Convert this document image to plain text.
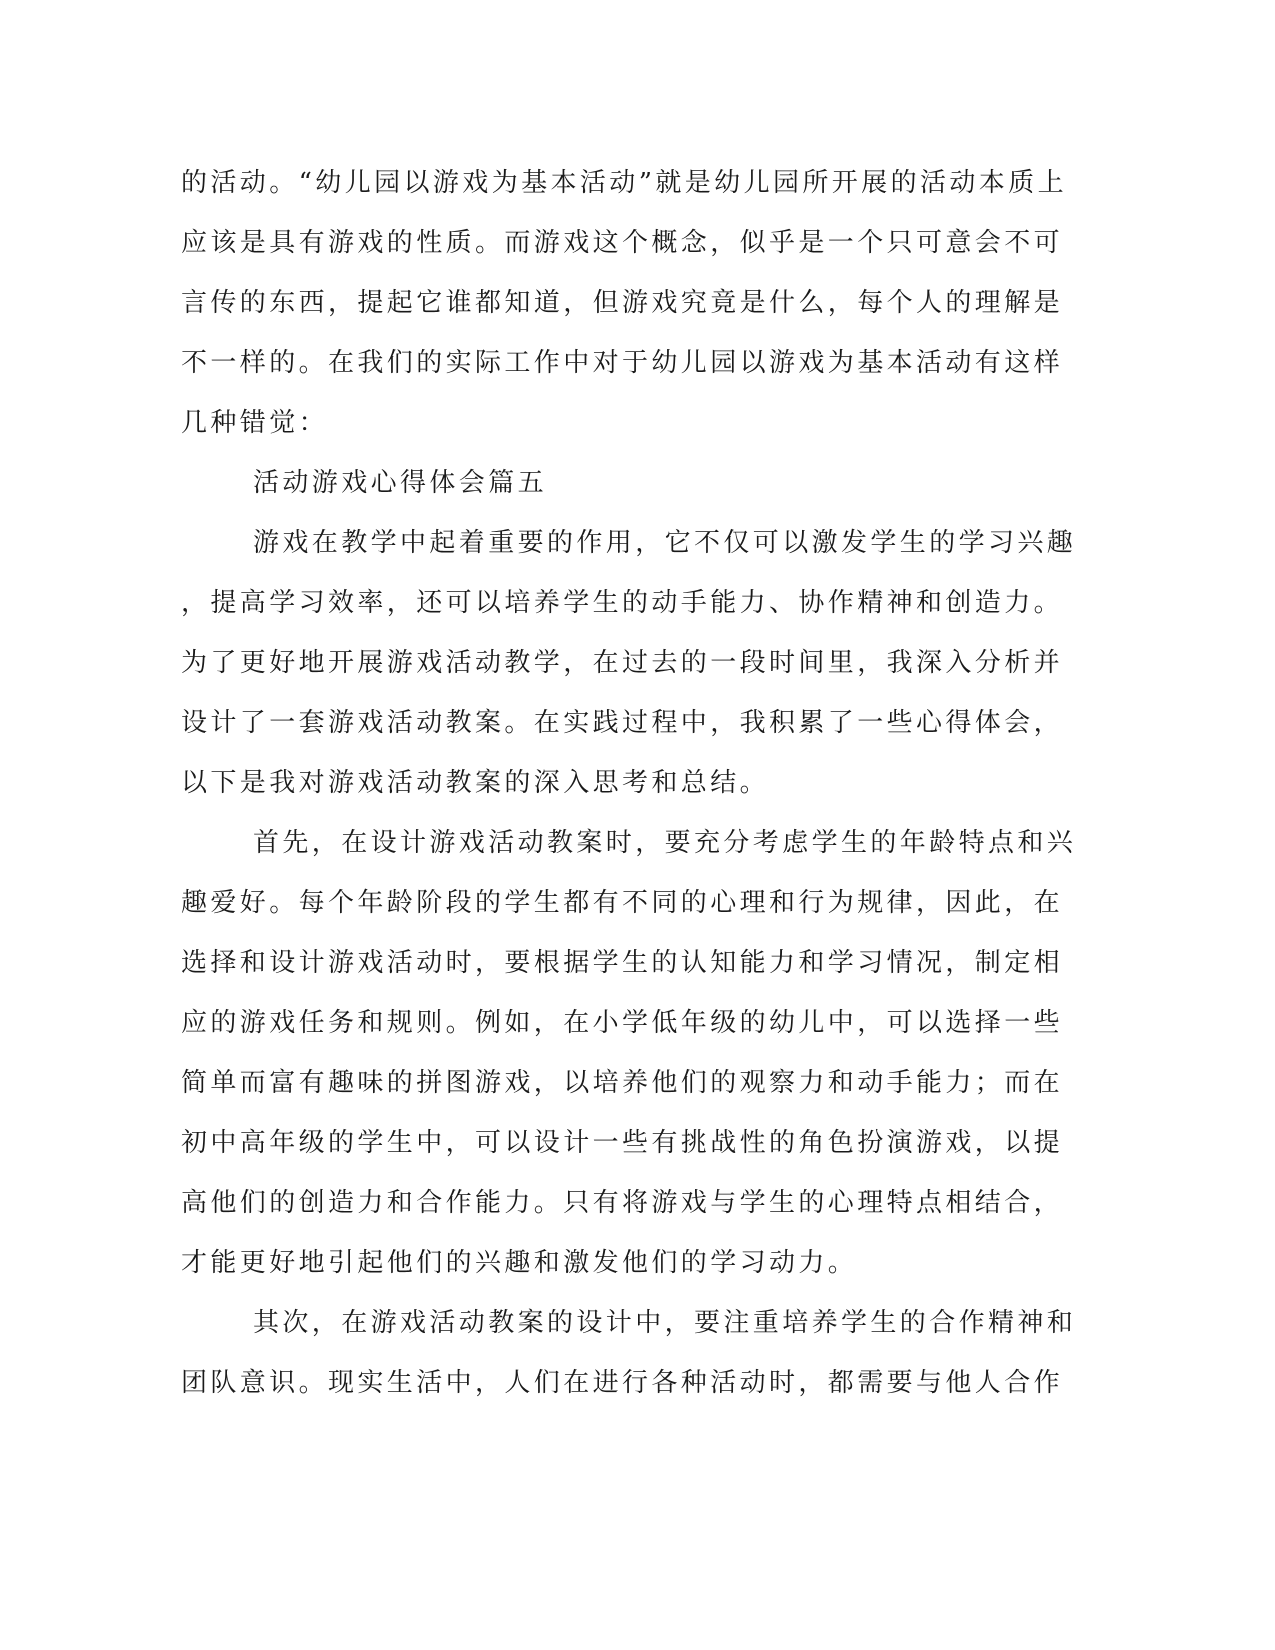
的活动。“幼儿园以游戏为基本活动”就是幼儿园所开展的活动本质上
应该是具有游戏的性质。而游戏这个概念，似乎是一个只可意会不可
言传的东西，提起它谁都知道，但游戏究竟是什么，每个人的理解是
不一样的。在我们的实际工作中对于幼儿园以游戏为基本活动有这样
几种错觉：
活动游戏心得体会篇五
游戏在教学中起着重要的作用，它不仅可以激发学生的学习兴趣
，提高学习效率，还可以培养学生的动手能力、协作精神和创造力。
为了更好地开展游戏活动教学，在过去的一段时间里，我深入分析并
设计了一套游戏活动教案。在实践过程中，我积累了一些心得体会，
以下是我对游戏活动教案的深入思考和总结。
首先，在设计游戏活动教案时，要充分考虑学生的年龄特点和兴
趣爱好。每个年龄阶段的学生都有不同的心理和行为规律，因此，在
选择和设计游戏活动时，要根据学生的认知能力和学习情况，制定相
应的游戏任务和规则。例如，在小学低年级的幼儿中，可以选择一些
简单而富有趣味的拼图游戏，以培养他们的观察力和动手能力；而在
初中高年级的学生中，可以设计一些有挑战性的角色扮演游戏，以提
高他们的创造力和合作能力。只有将游戏与学生的心理特点相结合，
才能更好地引起他们的兴趣和激发他们的学习动力。
其次，在游戏活动教案的设计中，要注重培养学生的合作精神和
团队意识。现实生活中，人们在进行各种活动时，都需要与他人合作
